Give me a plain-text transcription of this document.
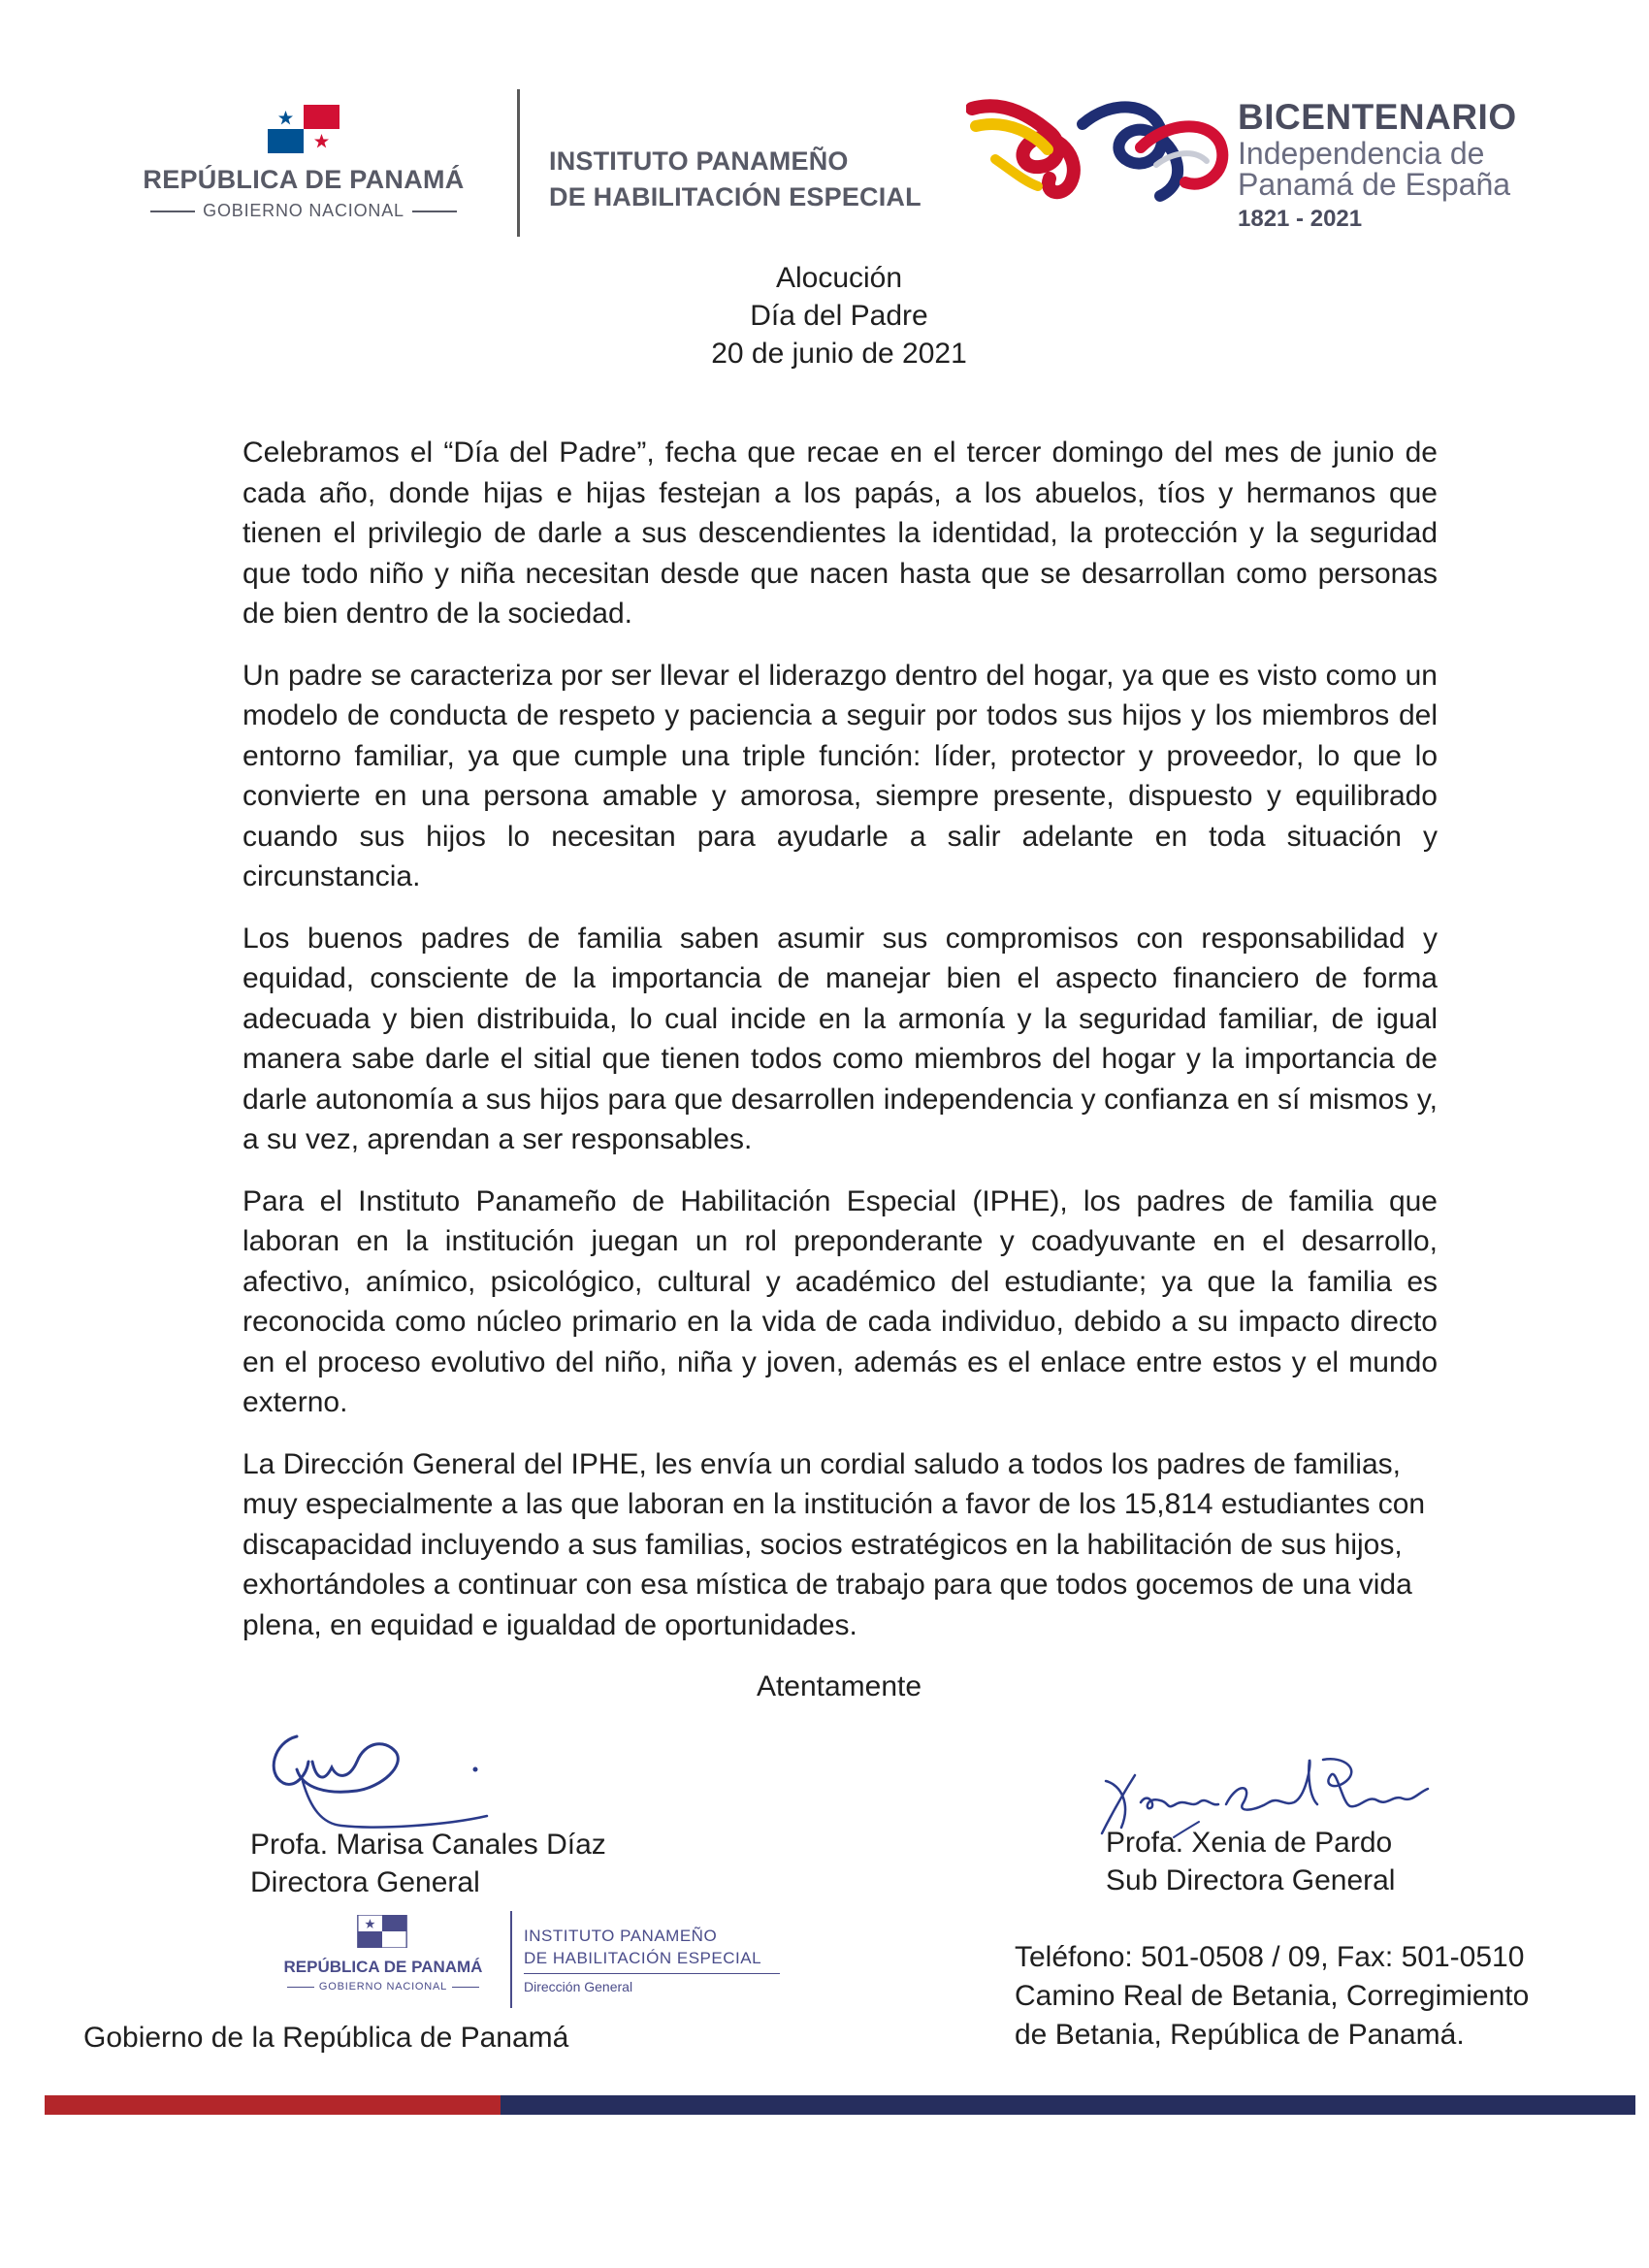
REPÚBLICA DE PANAMÁ
GOBIERNO NACIONAL
INSTITUTO PANAMEÑO
DE HABILITACIÓN ESPECIAL
BICENTENARIO
Independencia de
Panamá de España
1821 - 2021
Alocución
Día del Padre
20 de junio de 2021

Celebramos el “Día del Padre”, fecha que recae en el tercer domingo del mes de junio de cada año, donde hijas e hijas festejan a los papás, a los abuelos, tíos y hermanos que tienen el privilegio de darle a sus descendientes la identidad, la protección y la seguridad que todo niño y niña necesitan desde que nacen hasta que se desarrollan como personas de bien dentro de la sociedad.

Un padre se caracteriza por ser llevar el liderazgo dentro del hogar, ya que es visto como un modelo de conducta de respeto y paciencia a seguir por todos sus hijos y los miembros del entorno familiar, ya que cumple una triple función: líder, protector y proveedor, lo que lo convierte en una persona amable y amorosa, siempre presente, dispuesto y equilibrado cuando sus hijos lo necesitan para ayudarle a salir adelante en toda situación y circunstancia.

Los buenos padres de familia saben asumir sus compromisos con responsabilidad y equidad, consciente de la importancia de manejar bien el aspecto financiero de forma adecuada y bien distribuida, lo cual incide en la armonía y la seguridad familiar, de igual manera sabe darle el sitial que tienen todos como miembros del hogar y la importancia de darle autonomía a sus hijos para que desarrollen independencia y confianza en sí mismos y, a su vez, aprendan a ser responsables.

Para el Instituto Panameño de Habilitación Especial (IPHE), los padres de familia que laboran en la institución juegan un rol preponderante y coadyuvante en el desarrollo, afectivo, anímico, psicológico, cultural y académico del estudiante; ya que la familia es reconocida como núcleo primario en la vida de cada individuo, debido a su impacto directo en el proceso evolutivo del niño, niña y joven, además es el enlace entre estos y el mundo externo.

La Dirección General del IPHE, les envía un cordial saludo a todos los padres de familias, muy especialmente a las que laboran en la institución a favor de los 15,814 estudiantes con discapacidad incluyendo a sus familias, socios estratégicos en la habilitación de sus hijos, exhortándoles a continuar con esa mística de trabajo para que todos gocemos de una vida plena, en equidad e igualdad de oportunidades.

Atentamente
Profa. Marisa Canales Díaz
Directora General
Profa. Xenia de Pardo
Sub Directora General
REPÚBLICA DE PANAMÁ
GOBIERNO NACIONAL
INSTITUTO PANAMEÑO
DE HABILITACIÓN ESPECIAL
Dirección General
Gobierno de la República de Panamá
Teléfono: 501-0508 / 09, Fax: 501-0510
Camino Real de Betania, Corregimiento
de Betania, República de Panamá.
